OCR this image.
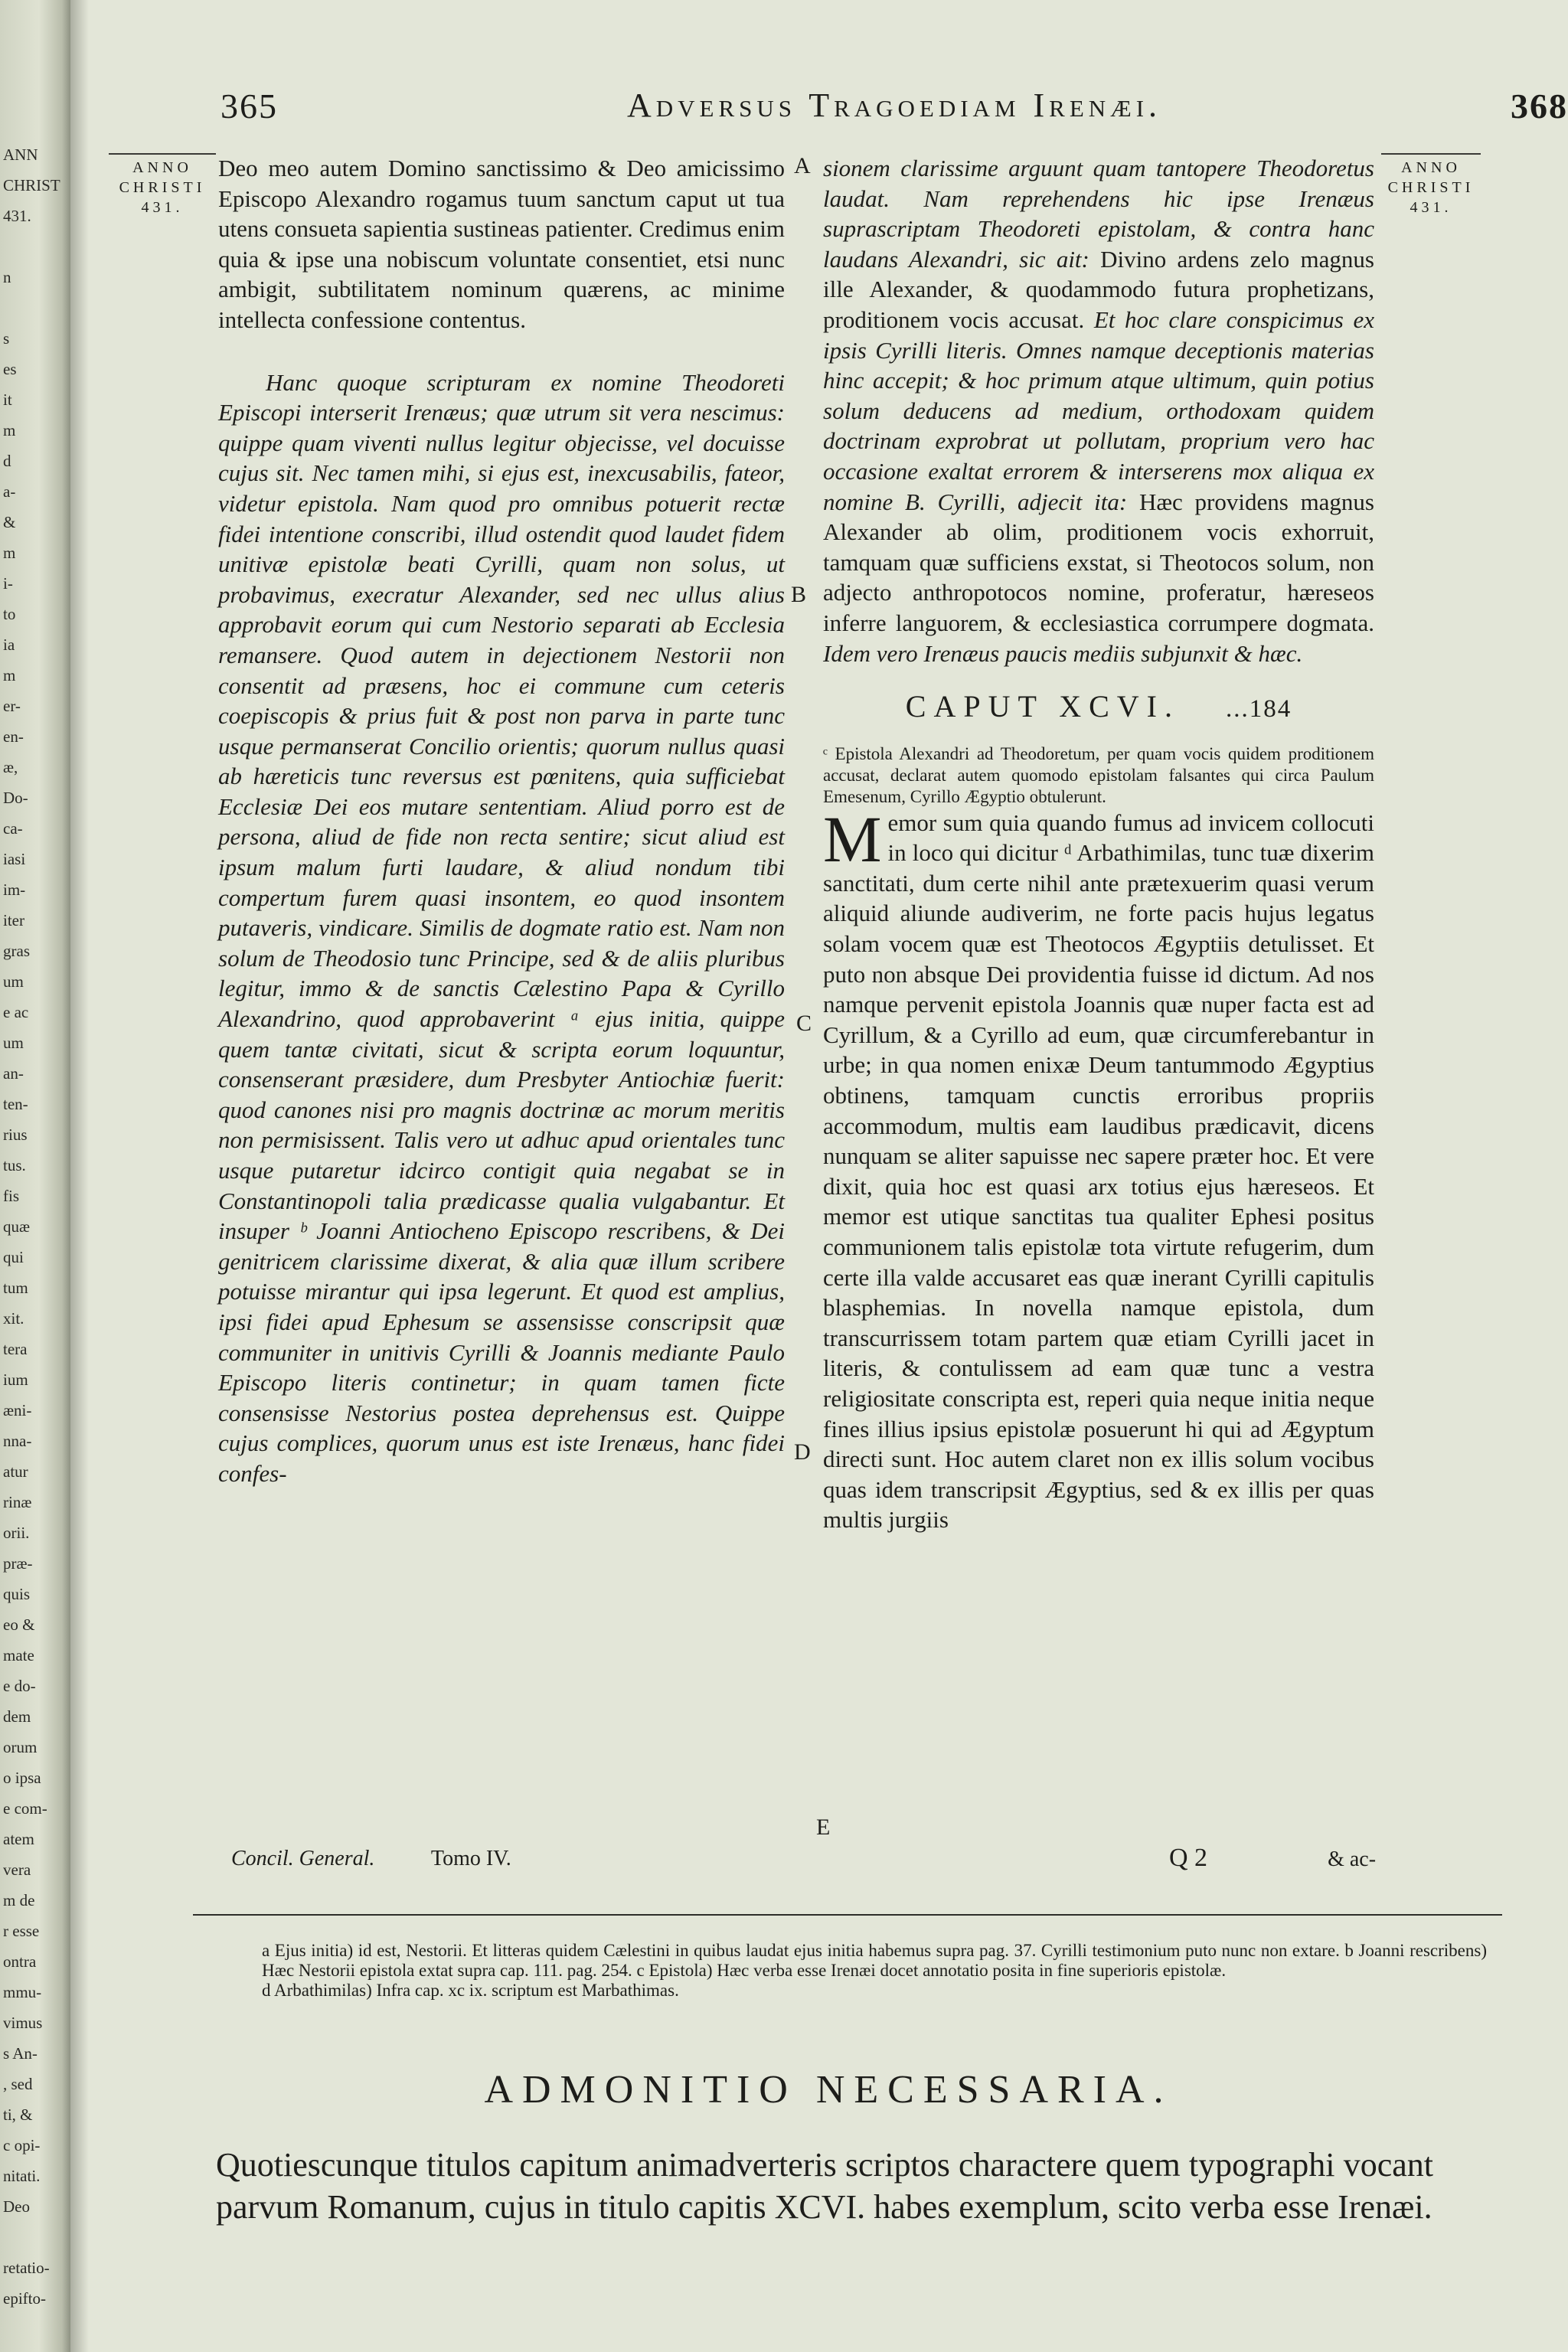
ANN
CHRIST
431.
n
s
es
it
m
d
a-
&
m
i-
to
ia
m
er-
en-
æ,
Do-
ca-
iasi
im-
iter
gras
um
e ac
um
an-
ten-
rius
tus.
fis
quæ
qui
tum
xit.
tera
ium
æni-
nna-
atur
rinæ
orii.
præ-
quis
eo &
mate
e do-
dem
orum
o ipsa
e com-
atem
vera
m de
r esse
ontra
mmu-
vimus
s An-
, sed
ti, &
c opi-
nitati.
Deo
retatio-
epifto-
365	Adversus Tragoediam Irenæi.	368
ANNO
CHRISTI
431.
ANNO
CHRISTI
431.
A
B
C
D
E

Deo meo autem Domino sanctissimo & Deo amicissimo Episcopo Alexandro rogamus tuum sanctum caput ut tua utens consueta sapientia sustineas patienter. Credimus enim quia & ipse una nobiscum voluntate consentiet, etsi nunc ambigit, subtilitatem nominum quærens, ac minime intellecta confessione contentus.

Hanc quoque scripturam ex nomine Theodoreti Episcopi interserit Irenæus; quæ utrum sit vera nescimus: quippe quam viventi nullus legitur objecisse, vel docuisse cujus sit. Nec tamen mihi, si ejus est, inexcusabilis, fateor, videtur epistola. Nam quod pro omnibus potuerit rectæ fidei intentione conscribi, illud ostendit quod laudet fidem unitivæ epistolæ beati Cyrilli, quam non solus, ut probavimus, execratur Alexander, sed nec ullus alius approbavit eorum qui cum Nestorio separati ab Ecclesia remansere. Quod autem in dejectionem Nestorii non consentit ad præsens, hoc ei commune cum ceteris coepiscopis & prius fuit & post non parva in parte tunc usque permanserat Concilio orientis; quorum nullus quasi ab hæreticis tunc reversus est pœnitens, quia sufficiebat Ecclesiæ Dei eos mutare sententiam. Aliud porro est de persona, aliud de fide non recta sentire; sicut aliud est ipsum malum furti laudare, & aliud nondum tibi compertum furem quasi insontem, eo quod insontem putaveris, vindicare. Similis de dogmate ratio est. Nam non solum de Theodosio tunc Principe, sed & de aliis pluribus legitur, immo & de sanctis Cælestino Papa & Cyrillo Alexandrino, quod approbaverint ᵃ ejus initia, quippe quem tantæ civitati, sicut & scripta eorum loquuntur, consenserant præsidere, dum Presbyter Antiochiæ fuerit: quod canones nisi pro magnis doctrinæ ac morum meritis non permisissent. Talis vero ut adhuc apud orientales tunc usque putaretur idcirco contigit quia negabat se in Constantinopoli talia prædicasse qualia vulgabantur. Et insuper ᵇ Joanni Antiocheno Episcopo rescribens, & Dei genitricem clarissime dixerat, & alia quæ illum scribere potuisse mirantur qui ipsa legerunt. Et quod est amplius, ipsi fidei apud Ephesum se assensisse conscripsit quæ communiter in unitivis Cyrilli & Joannis mediante Paulo Episcopo literis continetur; in quam tamen ficte consensisse Nestorius postea deprehensus est. Quippe cujus complices, quorum unus est iste Irenæus, hanc fidei confes-

sionem clarissime arguunt quam tantopere Theodoretus laudat. Nam reprehendens hic ipse Irenæus suprascriptam Theodoreti epistolam, & contra hanc laudans Alexandri, sic ait: Divino ardens zelo magnus ille Alexander, & quodammodo futura prophetizans, proditionem vocis accusat. Et hoc clare conspicimus ex ipsis Cyrilli literis. Omnes namque deceptionis materias hinc accepit; & hoc primum atque ultimum, quin potius solum deducens ad medium, orthodoxam quidem doctrinam exprobrat ut pollutam, proprium vero hac occasione exaltat errorem & interserens mox aliqua ex nomine B. Cyrilli, adjecit ita: Hæc providens magnus Alexander ab olim, proditionem vocis exhorruit, tamquam quæ sufficiens exstat, si Theotocos solum, non adjecto anthropotocos nomine, proferatur, hæreseos inferre languorem, & ecclesiastica corrumpere dogmata. Idem vero Irenæus paucis mediis subjunxit & hæc.

CAPUT XCVI. ...184

ᶜ Epistola Alexandri ad Theodoretum, per quam vocis quidem proditionem accusat, declarat autem quomodo epistolam falsantes qui circa Paulum Emesenum, Cyrillo Ægyptio obtulerunt.

M emor sum quia quando fumus ad invicem collocuti in loco qui dicitur ᵈ Arbathimilas, tunc tuæ dixerim sanctitati, dum certe nihil ante prætexuerim quasi verum aliquid aliunde audiverim, ne forte pacis hujus legatus solam vocem quæ est Theotocos Ægyptiis detulisset. Et puto non absque Dei providentia fuisse id dictum. Ad nos namque pervenit epistola Joannis quæ nuper facta est ad Cyrillum, & a Cyrillo ad eum, quæ circumferebantur in urbe; in qua nomen enixæ Deum tantummodo Ægyptius obtinens, tamquam cunctis erroribus propriis accommodum, multis eam laudibus prædicavit, dicens nunquam se aliter sapuisse nec sapere præter hoc. Et vere dixit, quia hoc est quasi arx totius ejus hæreseos. Et memor est utique sanctitas tua qualiter Ephesi positus communionem talis epistolæ tota virtute refugerim, dum certe illa valde accusaret eas quæ inerant Cyrilli capitulis blasphemias. In novella namque epistola, dum transcurrissem totam partem quæ etiam Cyrilli jacet in literis, & contulissem ad eam quæ tunc a vestra religiositate conscripta est, reperi quia neque initia neque fines illius ipsius epistolæ posuerunt hi qui ad Ægyptum directi sunt. Hoc autem claret non ex illis solum vocibus quas idem transcripsit Ægyptius, sed & ex illis per quas multis jurgiis

Concil. General.	Tomo IV.	Q 2	& ac-

a Ejus initia) id est, Nestorii. Et litteras quidem Cælestini in quibus laudat ejus initia habemus supra pag. 37. Cyrilli testimonium puto nunc non extare. b Joanni rescribens) Hæc Nestorii epistola extat supra cap. 111. pag. 254. c Epistola) Hæc verba esse Irenæi docet annotatio posita in fine superioris epistolæ.

d Arbathimilas) Infra cap. xc ix. scriptum est Marbathimas.

ADMONITIO NECESSARIA.
Quotiescunque titulos capitum animadverteris scriptos charactere quem typographi vocant parvum Romanum, cujus in titulo capitis XCVI. habes exemplum, scito verba esse Irenæi.
